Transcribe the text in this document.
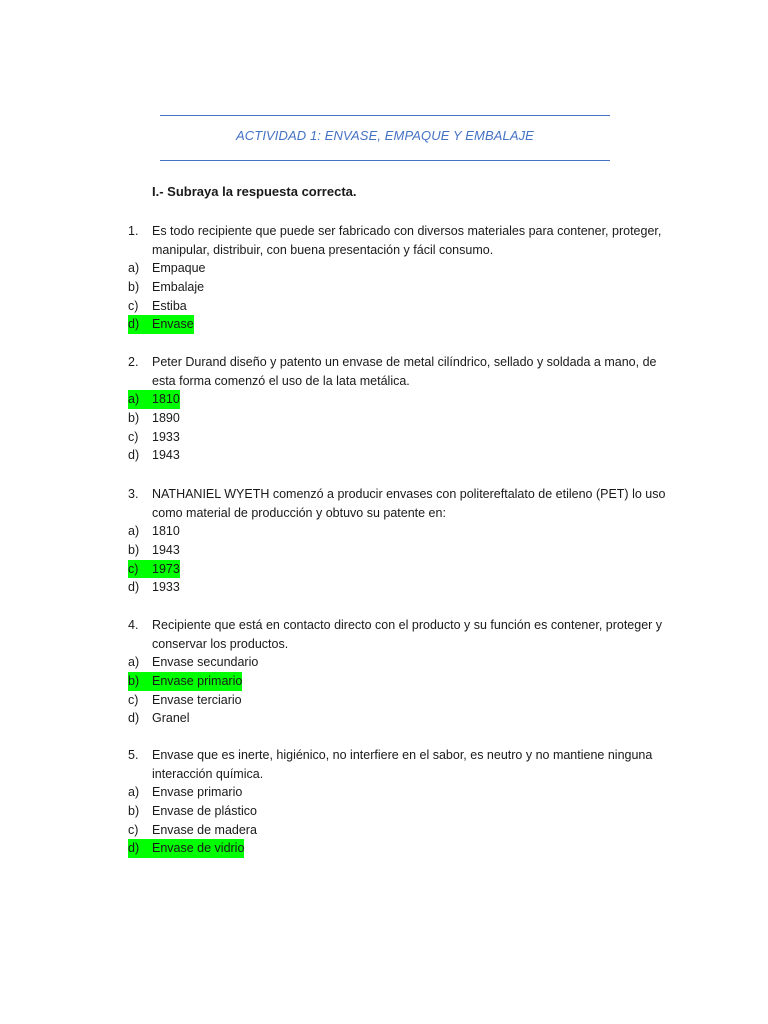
ACTIVIDAD 1: ENVASE, EMPAQUE Y EMBALAJE
I.- Subraya la respuesta correcta.
1.	Es todo recipiente que puede ser fabricado con diversos materiales para contener, proteger, manipular, distribuir, con buena presentación y fácil consumo.
a) Empaque
b) Embalaje
c) Estiba
d) Envase
2.	Peter Durand diseño y patento un envase de metal cilíndrico, sellado y soldada a mano, de esta forma comenzó el uso de la lata metálica.
a) 1810
b) 1890
c) 1933
d) 1943
3.	NATHANIEL WYETH comenzó a producir envases con politereftalato de etileno (PET) lo uso como material de producción y obtuvo su patente en:
a) 1810
b) 1943
c) 1973
d) 1933
4.	Recipiente que está en contacto directo con el producto y su función es contener, proteger y conservar los productos.
a) Envase secundario
b) Envase primario
c) Envase terciario
d) Granel
5.	Envase que es inerte, higiénico, no interfiere en el sabor, es neutro y no mantiene ninguna interacción química.
a) Envase primario
b) Envase de plástico
c) Envase de madera
d) Envase de vidrio
